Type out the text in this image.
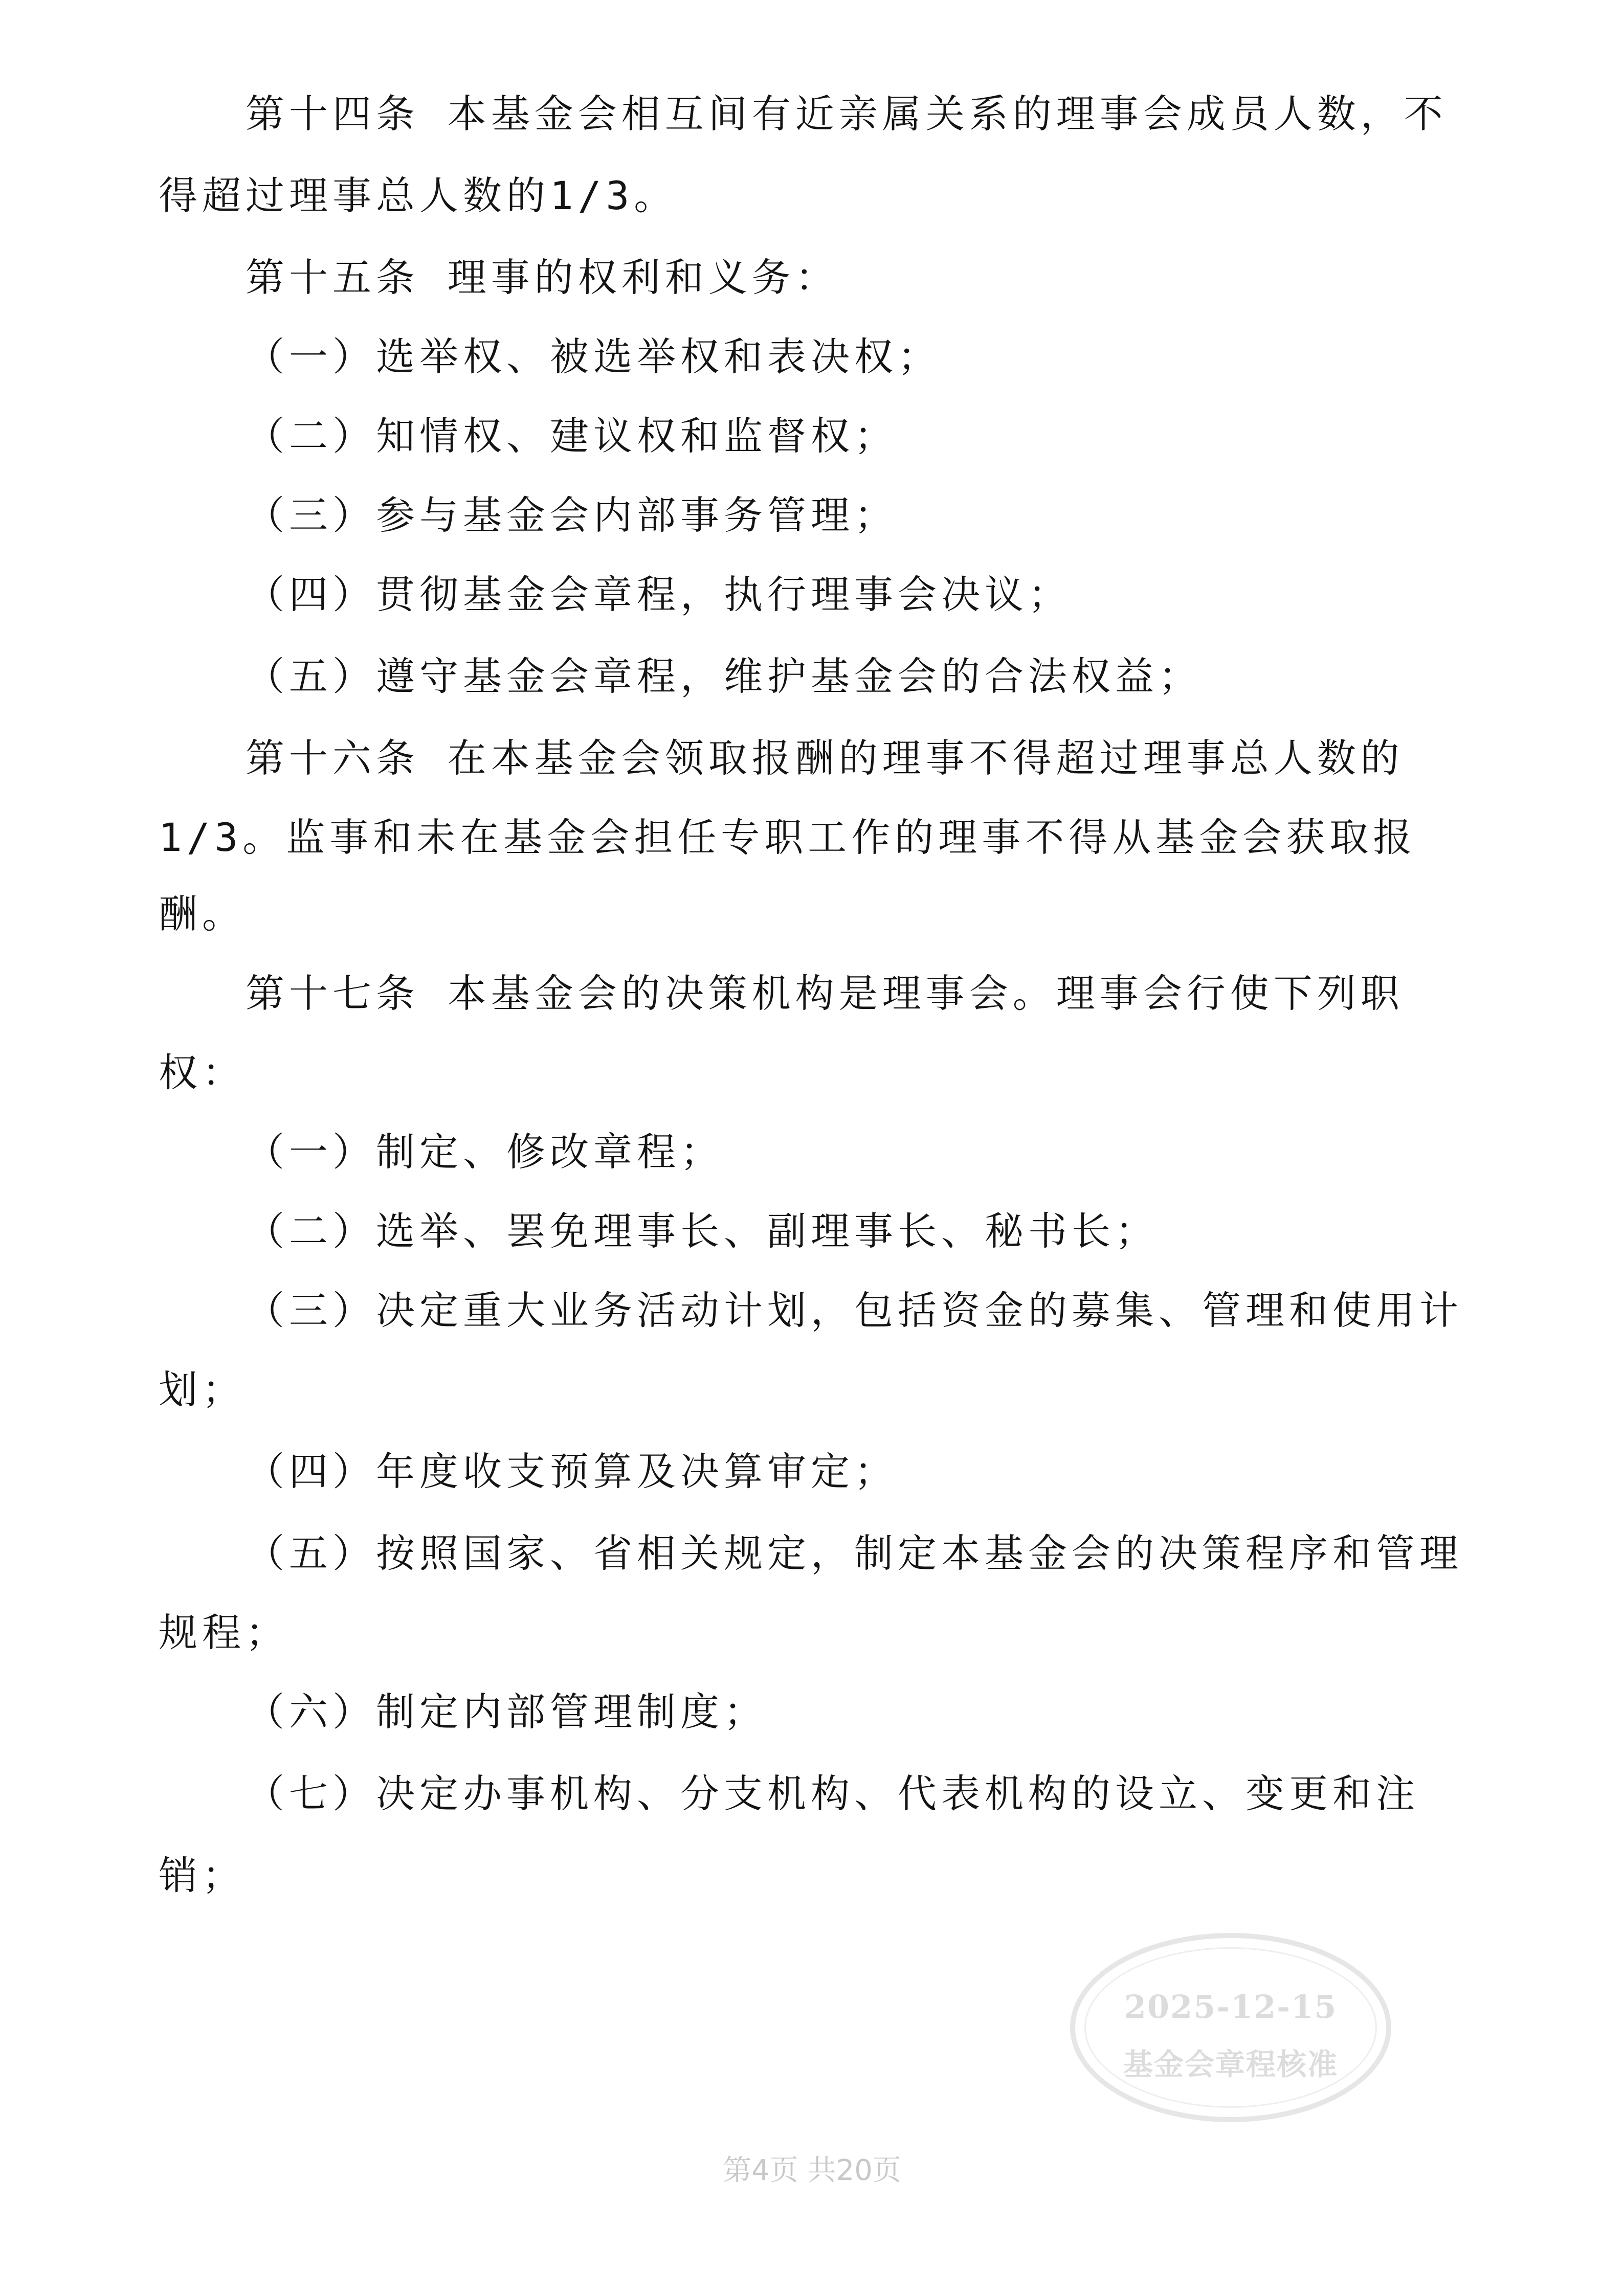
第十四条 本基金会相互间有近亲属关系的理事会成员人数，不

得超过理事总人数的1/3。

第十五条 理事的权利和义务：

（一）选举权、被选举权和表决权；

（二）知情权、建议权和监督权；

（三）参与基金会内部事务管理；

（四）贯彻基金会章程，执行理事会决议；

（五）遵守基金会章程，维护基金会的合法权益；

第十六条 在本基金会领取报酬的理事不得超过理事总人数的

1/3。监事和未在基金会担任专职工作的理事不得从基金会获取报

酬。

第十七条 本基金会的决策机构是理事会。理事会行使下列职

权：

（一）制定、修改章程；

（二）选举、罢免理事长、副理事长、秘书长；

（三）决定重大业务活动计划，包括资金的募集、管理和使用计

划；

（四）年度收支预算及决算审定；

（五）按照国家、省相关规定，制定本基金会的决策程序和管理

规程；

（六）制定内部管理制度；

（七）决定办事机构、分支机构、代表机构的设立、变更和注

销；

2025-12-15
基金会章程核准
第4页 共20页
